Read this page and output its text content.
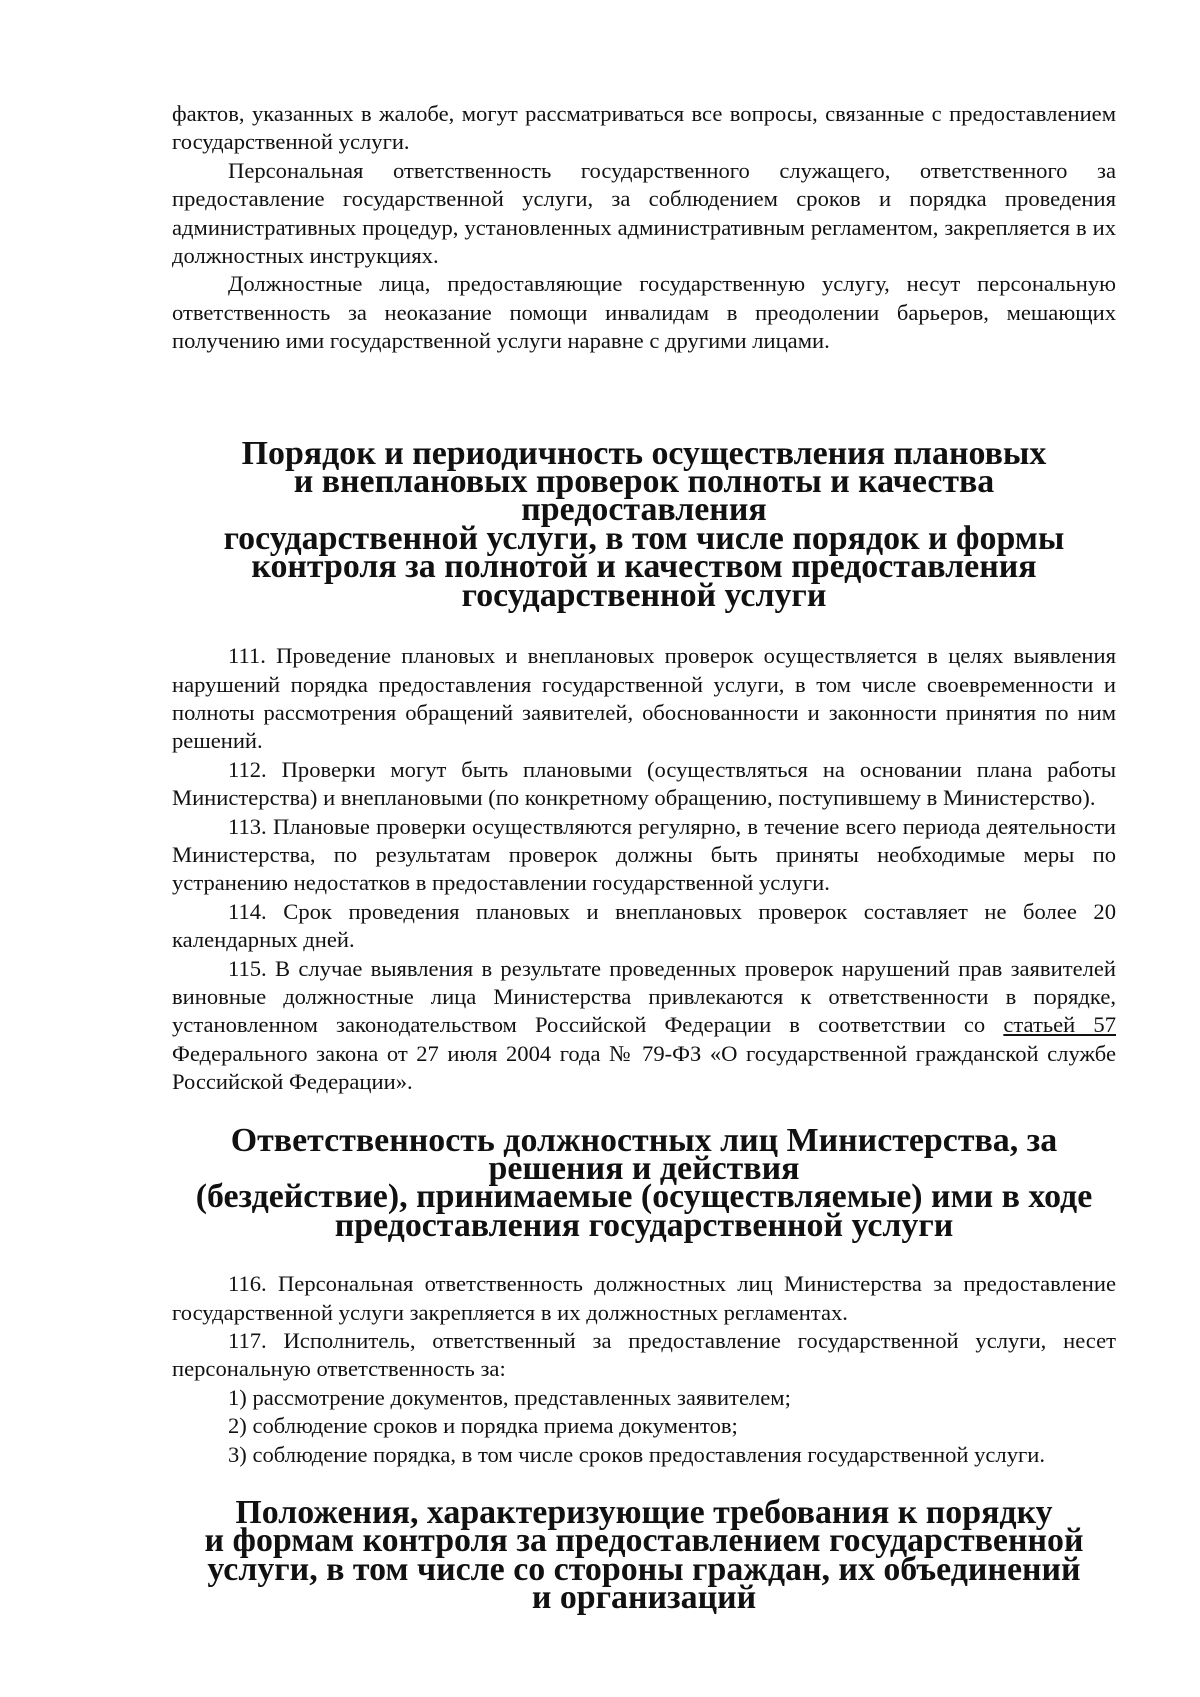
фактов, указанных в жалобе, могут рассматриваться все вопросы, связанные с предоставлением государственной услуги.

Персональная ответственность государственного служащего, ответственного за предоставление государственной услуги, за соблюдением сроков и порядка проведения административных процедур, установленных административным регламентом, закрепляется в их должностных инструкциях.

Должностные лица, предоставляющие государственную услугу, несут персональную ответственность за неоказание помощи инвалидам в преодолении барьеров, мешающих получению ими государственной услуги наравне с другими лицами.

Порядок и периодичность осуществления плановых
и внеплановых проверок полноты и качества предоставления
государственной услуги, в том числе порядок и формы
контроля за полнотой и качеством предоставления
государственной услуги

111. Проведение плановых и внеплановых проверок осуществляется в целях выявления нарушений порядка предоставления государственной услуги, в том числе своевременности и полноты рассмотрения обращений заявителей, обоснованности и законности принятия по ним решений.

112. Проверки могут быть плановыми (осуществляться на основании плана работы Министерства) и внеплановыми (по конкретному обращению, поступившему в Министерство).

113. Плановые проверки осуществляются регулярно, в течение всего периода деятельности Министерства, по результатам проверок должны быть приняты необходимые меры по устранению недостатков в предоставлении государственной услуги.

114. Срок проведения плановых и внеплановых проверок составляет не более 20 календарных дней.

115. В случае выявления в результате проведенных проверок нарушений прав заявителей виновные должностные лица Министерства привлекаются к ответственности в порядке, установленном законодательством Российской Федерации в соответствии со статьей 57 Федерального закона от 27 июля 2004 года № 79-ФЗ «О государственной гражданской службе Российской Федерации».

Ответственность должностных лиц Министерства, за решения и действия
(бездействие), принимаемые (осуществляемые) ими в ходе
предоставления государственной услуги

116. Персональная ответственность должностных лиц Министерства за предоставление государственной услуги закрепляется в их должностных регламентах.

117. Исполнитель, ответственный за предоставление государственной услуги, несет персональную ответственность за:

1) рассмотрение документов, представленных заявителем;

2) соблюдение сроков и порядка приема документов;

3) соблюдение порядка, в том числе сроков предоставления государственной услуги.

Положения, характеризующие требования к порядку
и формам контроля за предоставлением государственной
услуги, в том числе со стороны граждан, их объединений
и организаций
